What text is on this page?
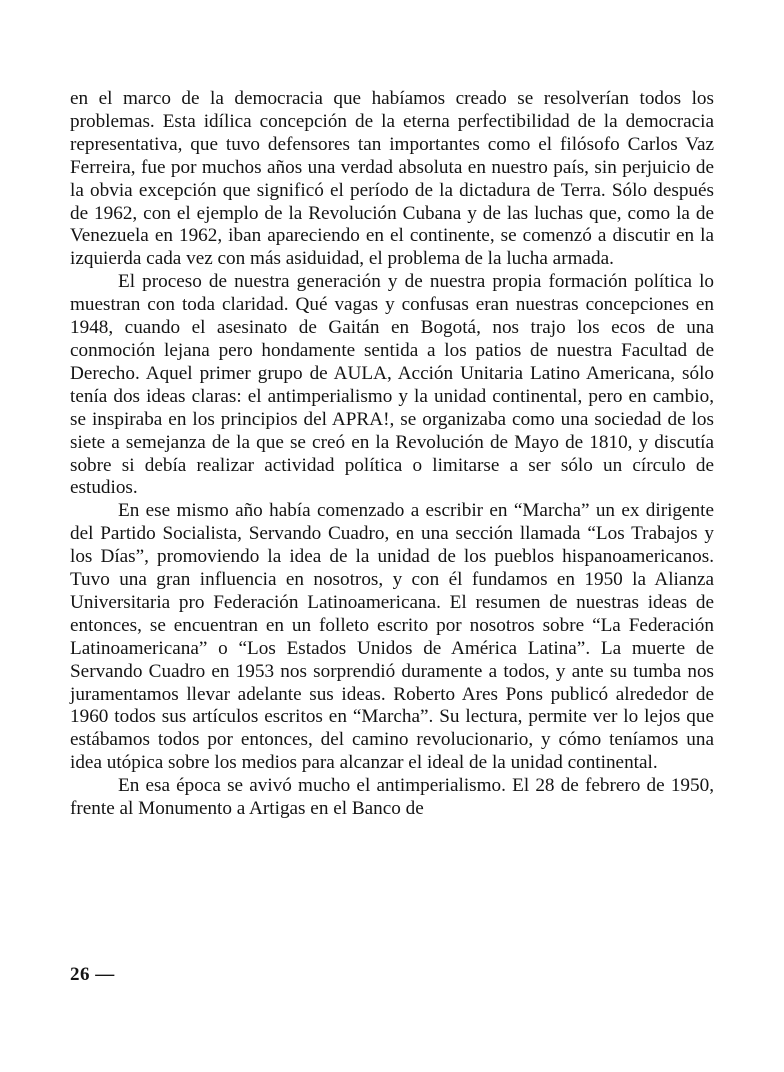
en el marco de la democracia que habíamos creado se resolverían todos los problemas. Esta idílica concepción de la eterna perfectibilidad de la democracia representativa, que tuvo defensores tan importantes como el filósofo Carlos Vaz Ferreira, fue por muchos años una verdad absoluta en nuestro país, sin perjuicio de la obvia excepción que significó el período de la dictadura de Terra. Sólo después de 1962, con el ejemplo de la Revolución Cubana y de las luchas que, como la de Venezuela en 1962, iban apareciendo en el continente, se comenzó a discutir en la izquierda cada vez con más asiduidad, el problema de la lucha armada.

El proceso de nuestra generación y de nuestra propia formación política lo muestran con toda claridad. Qué vagas y confusas eran nuestras concepciones en 1948, cuando el asesinato de Gaitán en Bogotá, nos trajo los ecos de una conmoción lejana pero hondamente sentida a los patios de nuestra Facultad de Derecho. Aquel primer grupo de AULA, Acción Unitaria Latino Americana, sólo tenía dos ideas claras: el antimperialismo y la unidad continental, pero en cambio, se inspiraba en los principios del APRA!, se organizaba como una sociedad de los siete a semejanza de la que se creó en la Revolución de Mayo de 1810, y discutía sobre si debía realizar actividad política o limitarse a ser sólo un círculo de estudios.

En ese mismo año había comenzado a escribir en “Marcha” un ex dirigente del Partido Socialista, Servando Cuadro, en una sección llamada “Los Trabajos y los Días”, promoviendo la idea de la unidad de los pueblos hispanoamericanos. Tuvo una gran influencia en nosotros, y con él fundamos en 1950 la Alianza Universitaria pro Federación Latinoamericana. El resumen de nuestras ideas de entonces, se encuentran en un folleto escrito por nosotros sobre “La Federación Latinoamericana” o “Los Estados Unidos de América Latina”. La muerte de Servando Cuadro en 1953 nos sorprendió duramente a todos, y ante su tumba nos juramentamos llevar adelante sus ideas. Roberto Ares Pons publicó alrededor de 1960 todos sus artículos escritos en “Marcha”. Su lectura, permite ver lo lejos que estábamos todos por entonces, del camino revolucionario, y cómo teníamos una idea utópica sobre los medios para alcanzar el ideal de la unidad continental.

En esa época se avivó mucho el antimperialismo. El 28 de febrero de 1950, frente al Monumento a Artigas en el Banco de

26 —
